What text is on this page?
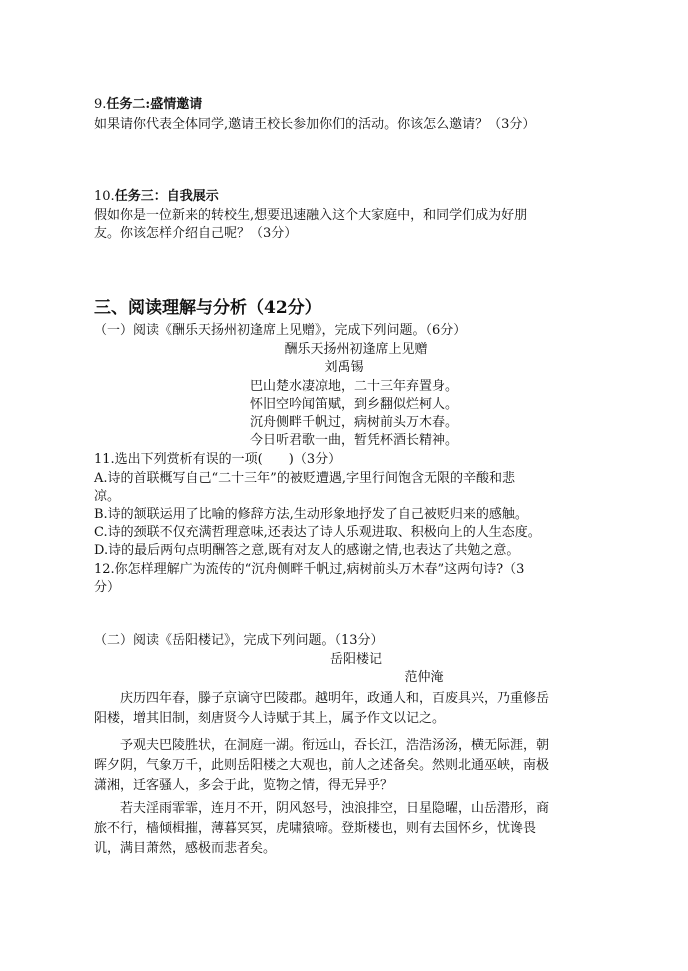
9.任务二:盛情邀请
如果请你代表全体同学,邀请王校长参加你们的活动。你该怎么邀请？（3分）
10.任务三：自我展示
假如你是一位新来的转校生,想要迅速融入这个大家庭中，和同学们成为好朋
友。你该怎样介绍自己呢？（3分）
三、阅读理解与分析（42分）
（一）阅读《酬乐天扬州初逢席上见赠》，完成下列问题。（6分）
酬乐天扬州初逢席上见赠
刘禹锡
巴山楚水凄凉地，二十三年弃置身。
怀旧空吟闻笛赋，到乡翻似烂柯人。
沉舟侧畔千帆过，病树前头万木春。
今日听君歌一曲，暂凭杯酒长精神。
11.选出下列赏析有误的一项(　　)（3分）
A.诗的首联概写自己“二十三年”的被贬遭遇,字里行间饱含无限的辛酸和悲
凉。
B.诗的颔联运用了比喻的修辞方法,生动形象地抒发了自己被贬归来的感触。
C.诗的颈联不仅充满哲理意味,还表达了诗人乐观进取、积极向上的人生态度。
D.诗的最后两句点明酬答之意,既有对友人的感谢之情,也表达了共勉之意。
12.你怎样理解广为流传的“沉舟侧畔千帆过,病树前头万木春”这两句诗?（3
分）
（二）阅读《岳阳楼记》，完成下列问题。（13分）
岳阳楼记
范仲淹
　　庆历四年春，滕子京谪守巴陵郡。越明年，政通人和，百废具兴，乃重修岳
阳楼，增其旧制，刻唐贤今人诗赋于其上，属予作文以记之。
　　予观夫巴陵胜状，在洞庭一湖。衔远山，吞长江，浩浩汤汤，横无际涯，朝
晖夕阴，气象万千，此则岳阳楼之大观也，前人之述备矣。然则北通巫峡，南极
潇湘，迁客骚人，多会于此，览物之情，得无异乎？
　　若夫淫雨霏霏，连月不开，阴风怒号，浊浪排空，日星隐曜，山岳潜形，商
旅不行，樯倾楫摧，薄暮冥冥，虎啸猿啼。登斯楼也，则有去国怀乡，忧谗畏
讥，满目萧然，感极而悲者矣。
